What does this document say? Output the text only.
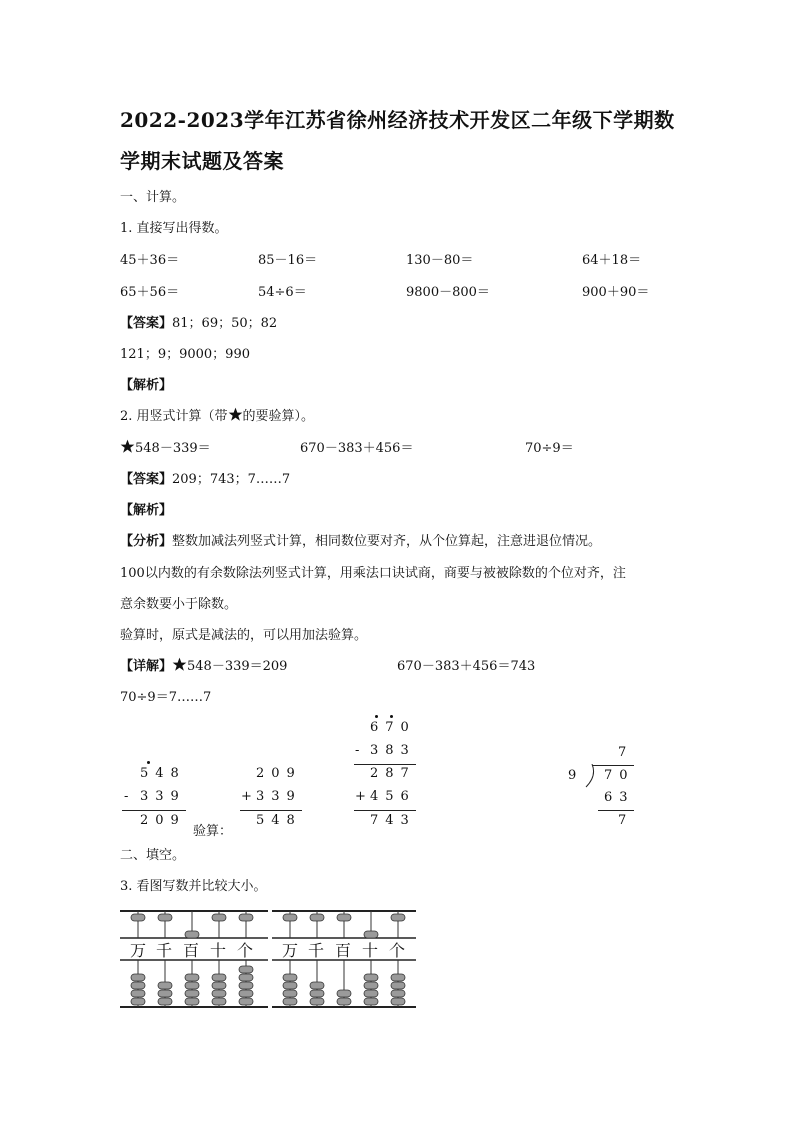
2022-2023学年江苏省徐州经济技术开发区二年级下学期数
学期末试题及答案
一、计算。
1. 直接写出得数。
45＋36＝	85－16＝	130－80＝	64＋18＝
65＋56＝	54÷6＝	9800－800＝	900＋90＝
【答案】81；69；50；82
121；9；9000；990
【解析】
2. 用竖式计算（带 的要验算）。
548－339＝	670－383＋456＝	70÷9＝
【答案】209；743；7……7
【解析】
【分析】整数加减法列竖式计算，相同数位要对齐，从个位算起，注意进退位情况。
100以内数的有余数除法列竖式计算，用乘法口诀试商，商要与被被除数的个位对齐，注
意余数要小于除数。
验算时，原式是减法的，可以用加法验算。
【详解】 548－339＝209	670－383＋456＝743
70÷9＝7……7
548
- 339
209
验算：
209
+
339
548
670
- 383
287
+
456
743
7
9 70
63
7
二、填空。
3. 看图写数并比较大小。
万 千 百 十 个 万 千 百 十 个
